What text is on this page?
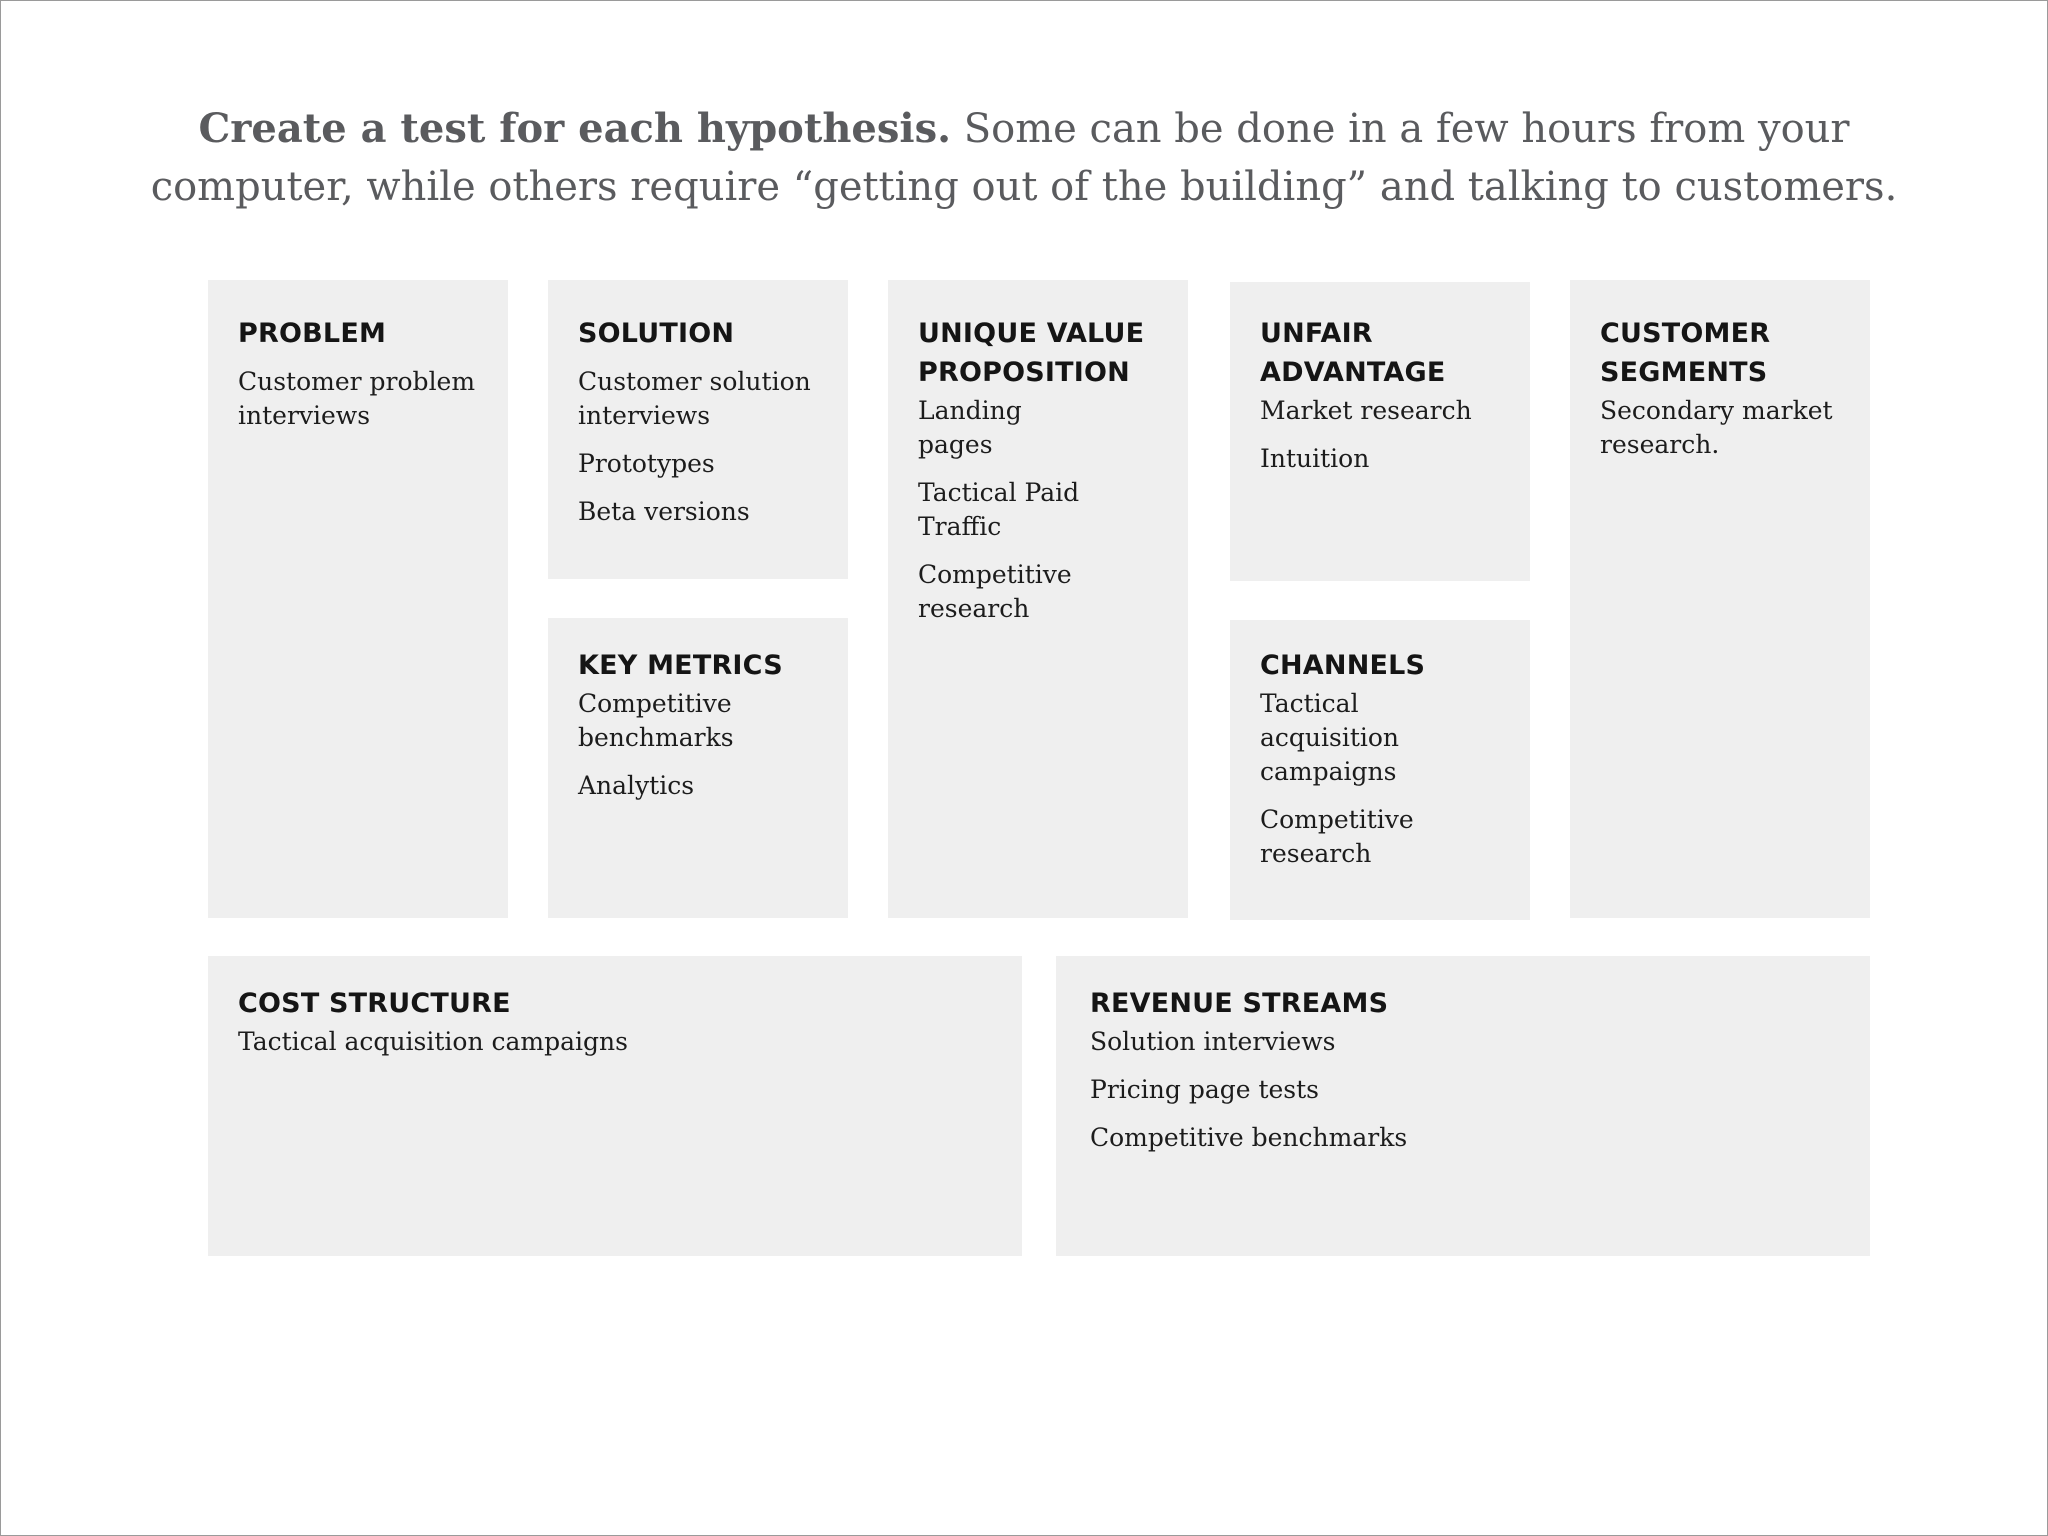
Create a test for each hypothesis. Some can be done in a few hours from your computer, while others require “getting out of the building” and talking to customers.
PROBLEM
Customer problem interviews
SOLUTION
Customer solution interviews
Prototypes
Beta versions
KEY METRICS
Competitive benchmarks
Analytics
UNIQUE VALUE PROPOSITION
Landing pages
Tactical Paid Traffic
Competitive research
UNFAIR ADVANTAGE
Market research
Intuition
CHANNELS
Tactical acquisition campaigns
Competitive research
CUSTOMER SEGMENTS
Secondary market research.
COST STRUCTURE
Tactical acquisition campaigns
REVENUE STREAMS
Solution interviews
Pricing page tests
Competitive benchmarks
